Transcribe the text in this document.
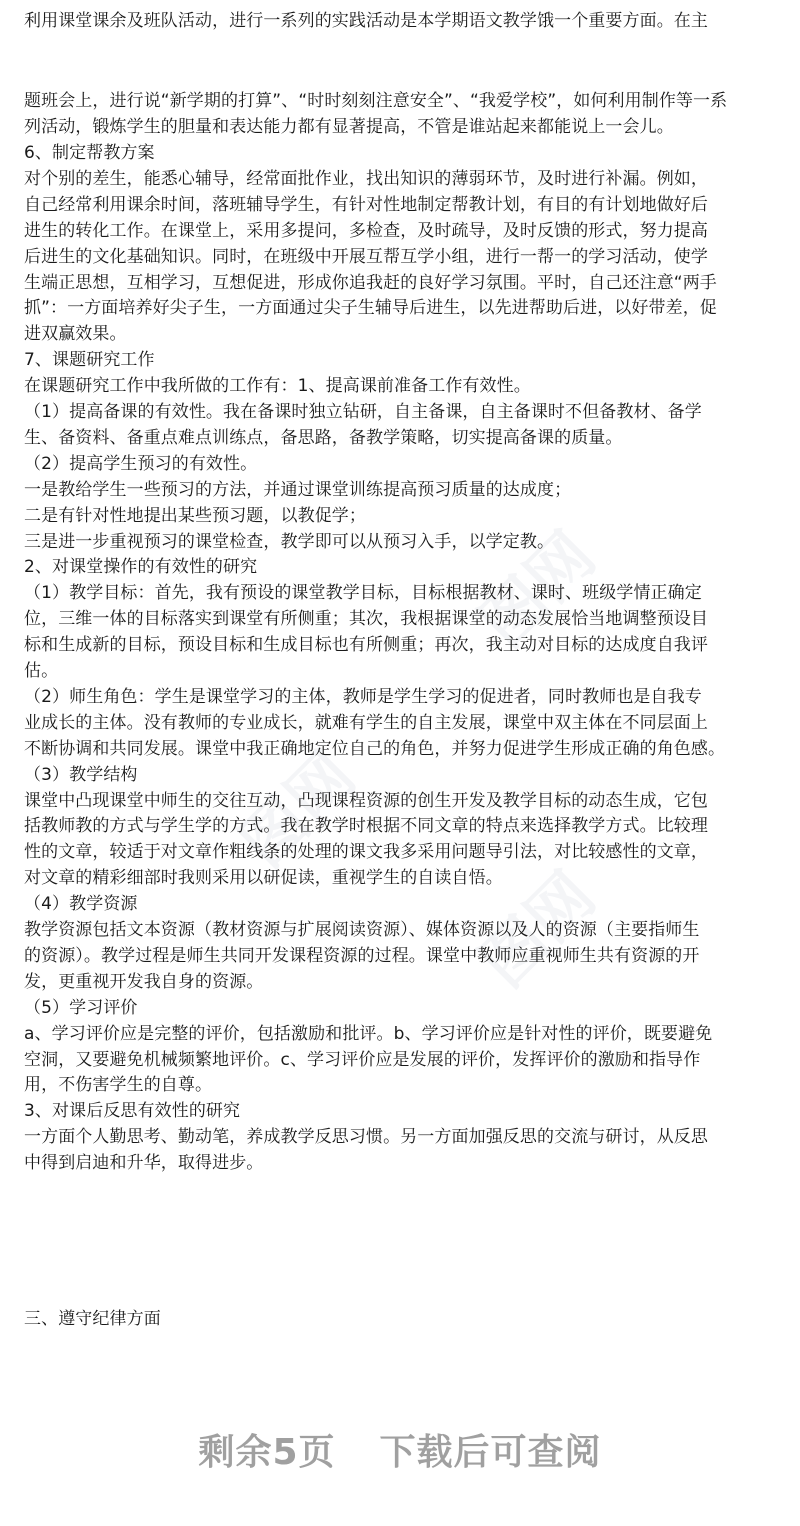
图网
图网
图网
利用课堂课余及班队活动，进行一系列的实践活动是本学期语文教学饿一个重要方面。在主
题班会上，进行说“新学期的打算”、“时时刻刻注意安全”、“我爱学校”，如何利用制作等一系
列活动，锻炼学生的胆量和表达能力都有显著提高，不管是谁站起来都能说上一会儿。
6、制定帮教方案
对个别的差生，能悉心辅导，经常面批作业，找出知识的薄弱环节，及时进行补漏。例如，
自己经常利用课余时间，落班辅导学生，有针对性地制定帮教计划，有目的有计划地做好后
进生的转化工作。在课堂上，采用多提问，多检查，及时疏导，及时反馈的形式，努力提高
后进生的文化基础知识。同时，在班级中开展互帮互学小组，进行一帮一的学习活动，使学
生端正思想，互相学习，互想促进，形成你追我赶的良好学习氛围。平时，自己还注意“两手
抓”：一方面培养好尖子生，一方面通过尖子生辅导后进生，以先进帮助后进，以好带差，促
进双赢效果。
7、课题研究工作
在课题研究工作中我所做的工作有：1、提高课前准备工作有效性。
（1）提高备课的有效性。我在备课时独立钻研，自主备课，自主备课时不但备教材、备学
生、备资料、备重点难点训练点，备思路，备教学策略，切实提高备课的质量。
（2）提高学生预习的有效性。
一是教给学生一些预习的方法，并通过课堂训练提高预习质量的达成度；
二是有针对性地提出某些预习题，以教促学；
三是进一步重视预习的课堂检查，教学即可以从预习入手，以学定教。
2、对课堂操作的有效性的研究
（1）教学目标：首先，我有预设的课堂教学目标，目标根据教材、课时、班级学情正确定
位，三维一体的目标落实到课堂有所侧重；其次，我根据课堂的动态发展恰当地调整预设目
标和生成新的目标，预设目标和生成目标也有所侧重；再次，我主动对目标的达成度自我评
估。
（2）师生角色：学生是课堂学习的主体，教师是学生学习的促进者，同时教师也是自我专
业成长的主体。没有教师的专业成长，就难有学生的自主发展，课堂中双主体在不同层面上
不断协调和共同发展。课堂中我正确地定位自己的角色，并努力促进学生形成正确的角色感。
（3）教学结构
课堂中凸现课堂中师生的交往互动，凸现课程资源的创生开发及教学目标的动态生成，它包
括教师教的方式与学生学的方式。我在教学时根据不同文章的特点来选择教学方式。比较理
性的文章，较适于对文章作粗线条的处理的课文我多采用问题导引法，对比较感性的文章，
对文章的精彩细部时我则采用以研促读，重视学生的自读自悟。
（4）教学资源
教学资源包括文本资源（教材资源与扩展阅读资源）、媒体资源以及人的资源（主要指师生
的资源）。教学过程是师生共同开发课程资源的过程。课堂中教师应重视师生共有资源的开
发，更重视开发我自身的资源。
（5）学习评价
a、学习评价应是完整的评价，包括激励和批评。b、学习评价应是针对性的评价，既要避免
空洞，又要避免机械频繁地评价。c、学习评价应是发展的评价，发挥评价的激励和指导作
用，不伤害学生的自尊。
3、对课后反思有效性的研究
一方面个人勤思考、勤动笔，养成教学反思习惯。另一方面加强反思的交流与研讨，从反思
中得到启迪和升华，取得进步。
三、遵守纪律方面
剩余5页 下载后可查阅
